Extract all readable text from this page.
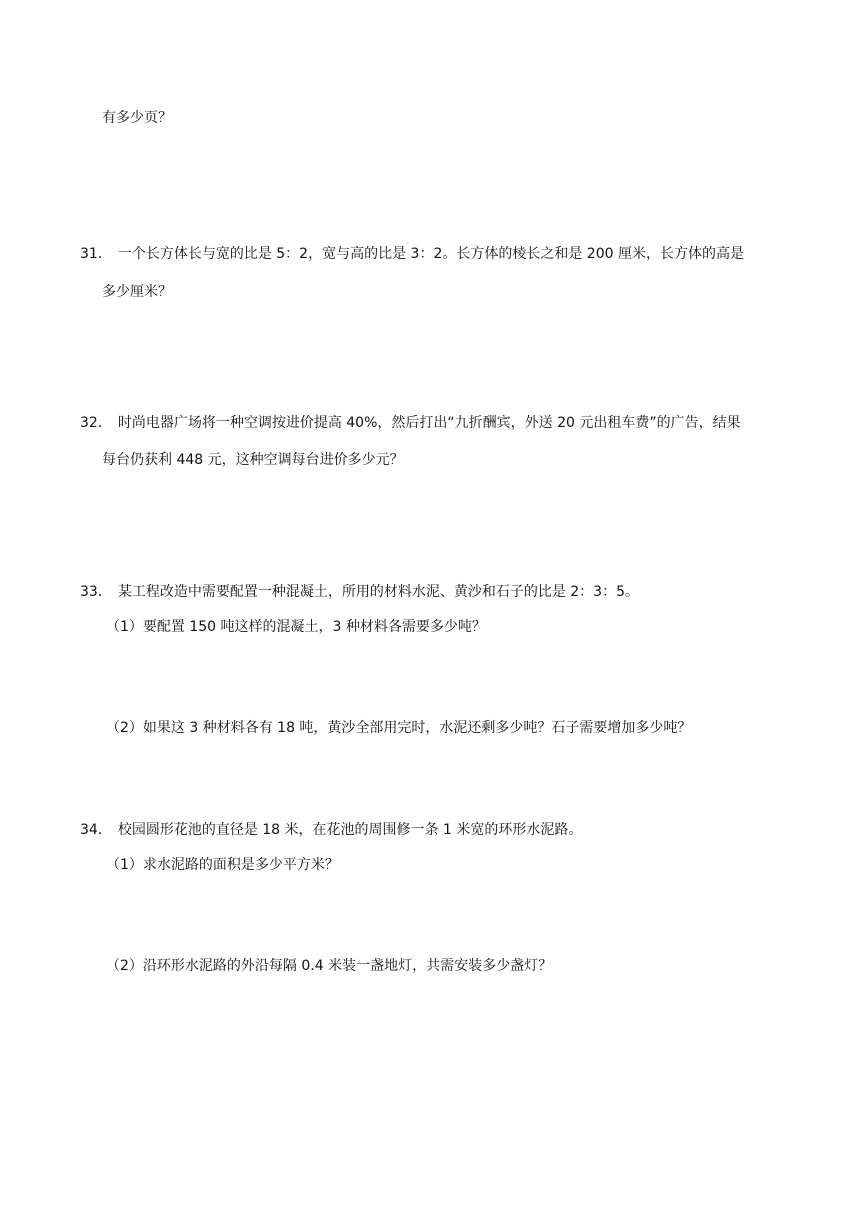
有多少页？
31． 一个长方体长与宽的比是 5：2，宽与高的比是 3：2。长方体的棱长之和是 200 厘米，长方体的高是
多少厘米？
32． 时尚电器广场将一种空调按进价提高 40%，然后打出“九折酬宾，外送 20 元出租车费”的广告，结果
每台仍获利 448 元，这种空调每台进价多少元？
33． 某工程改造中需要配置一种混凝土，所用的材料水泥、黄沙和石子的比是 2：3：5。
（1）要配置 150 吨这样的混凝土，3 种材料各需要多少吨？
（2）如果这 3 种材料各有 18 吨，黄沙全部用完时，水泥还剩多少吨？石子需要增加多少吨？
34． 校园圆形花池的直径是 18 米，在花池的周围修一条 1 米宽的环形水泥路。
（1）求水泥路的面积是多少平方米？
（2）沿环形水泥路的外沿每隔 0.4 米装一盏地灯，共需安装多少盏灯？
